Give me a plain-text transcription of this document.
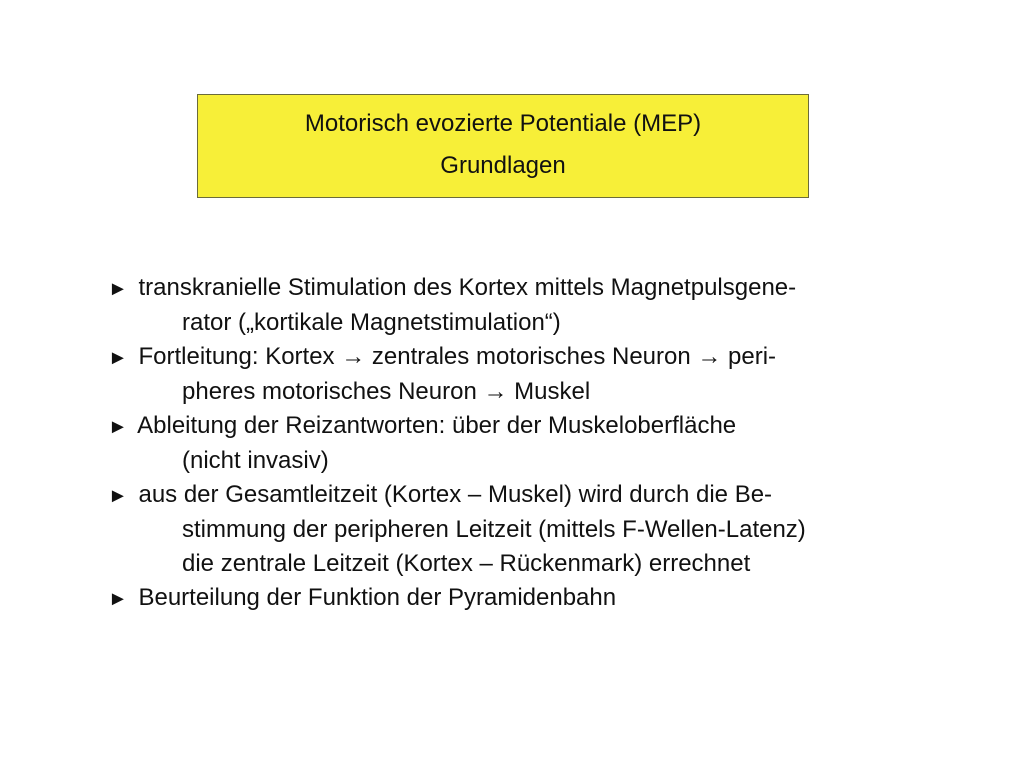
Motorisch evozierte Potentiale (MEP)
Grundlagen
► transkranielle Stimulation des Kortex mittels Magnetpulsgene-
rator („kortikale Magnetstimulation“)
► Fortleitung: Kortex → zentrales motorisches Neuron → peri-
pheres motorisches Neuron → Muskel
► Ableitung der Reizantworten: über der Muskeloberfläche
(nicht invasiv)
► aus der Gesamtleitzeit (Kortex – Muskel) wird durch die Be-
stimmung der peripheren Leitzeit (mittels F-Wellen-Latenz)
die zentrale Leitzeit (Kortex – Rückenmark) errechnet
► Beurteilung der Funktion der Pyramidenbahn
